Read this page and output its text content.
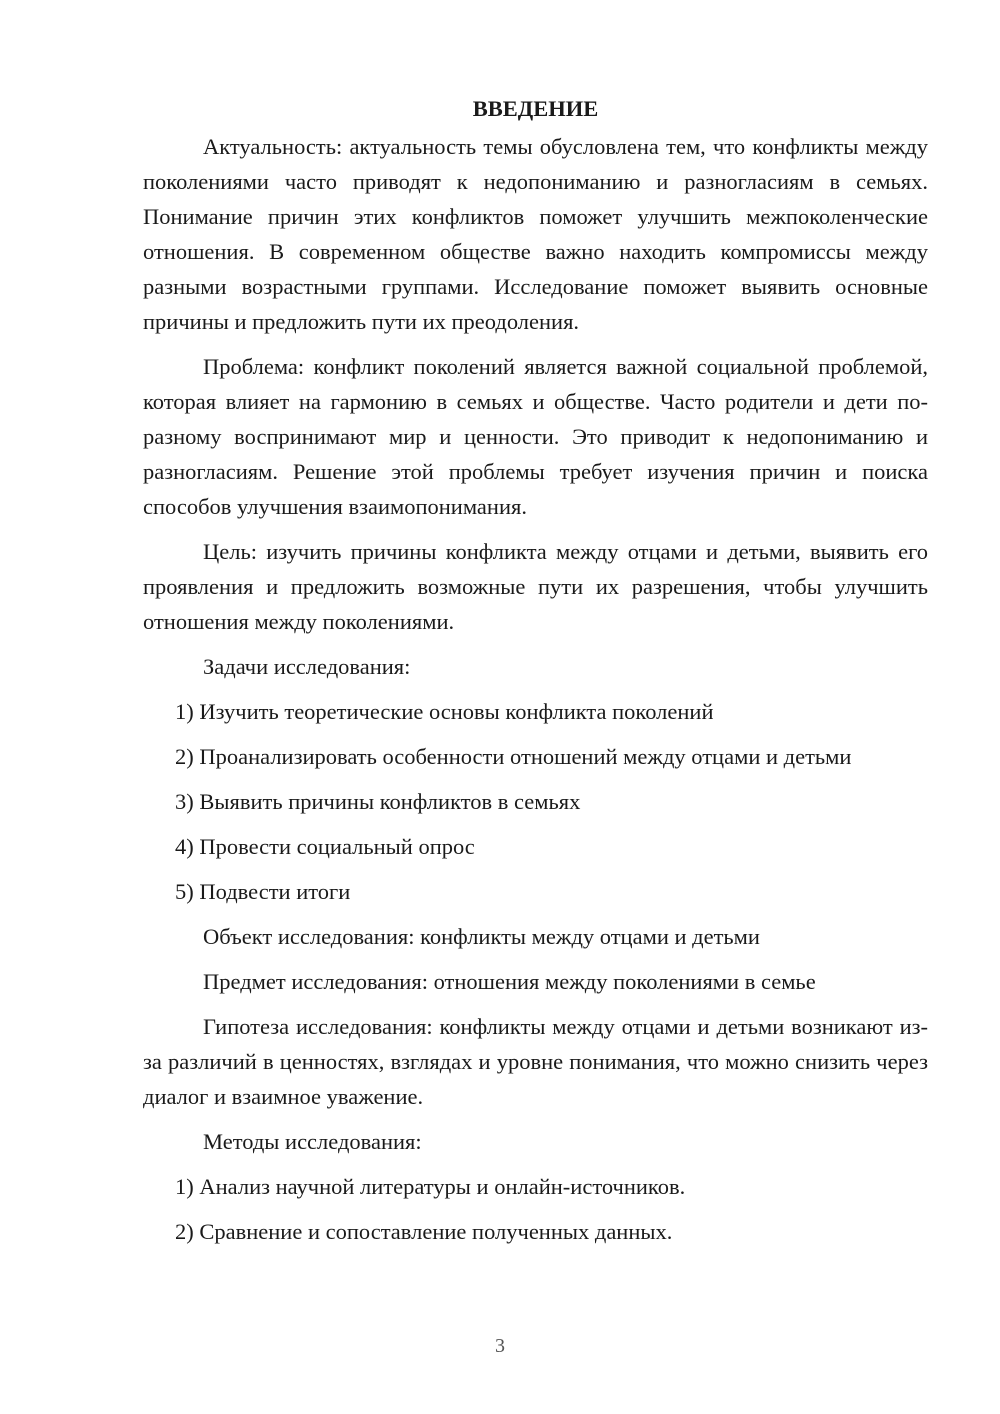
ВВЕДЕНИЕ

Актуальность: актуальность темы обусловлена тем, что конфликты между поколениями часто приводят к недопониманию и разногласиям в семьях. Понимание причин этих конфликтов поможет улучшить межпоколенческие отношения. В современном обществе важно находить компромиссы между разными возрастными группами. Исследование поможет выявить основные причины и предложить пути их преодоления.

Проблема: конфликт поколений является важной социальной проблемой, которая влияет на гармонию в семьях и обществе. Часто родители и дети по-разному воспринимают мир и ценности. Это приводит к недопониманию и разногласиям. Решение этой проблемы требует изучения причин и поиска способов улучшения взаимопонимания.

Цель: изучить причины конфликта между отцами и детьми, выявить его проявления и предложить возможные пути их разрешения, чтобы улучшить отношения между поколениями.

Задачи исследования:
1) Изучить теоретические основы конфликта поколений
2) Проанализировать особенности отношений между отцами и детьми
3) Выявить причины конфликтов в семьях
4) Провести социальный опрос
5) Подвести итоги
Объект исследования: конфликты между отцами и детьми
Предмет исследования: отношения между поколениями в семье

Гипотеза исследования: конфликты между отцами и детьми возникают из-за различий в ценностях, взглядах и уровне понимания, что можно снизить через диалог и взаимное уважение.

Методы исследования:
1) Анализ научной литературы и онлайн-источников.
2) Сравнение и сопоставление полученных данных.
3
